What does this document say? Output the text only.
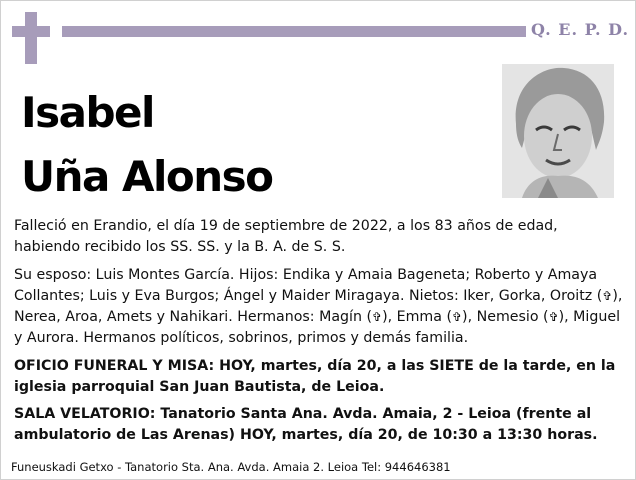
Q. E. P. D.
Isabel
Uña Alonso

Falleció en Erandio, el día 19 de septiembre de 2022, a los 83 años de edad, habiendo recibido los SS. SS. y la B. A. de S. S.

Su esposo: Luis Montes García. Hijos: Endika y Amaia Bageneta; Roberto y Amaya Collantes; Luis y Eva Burgos; Ángel y Maider Miragaya. Nietos: Iker, Gorka, Oroitz (✞), Nerea, Aroa, Amets y Nahikari. Hermanos: Magín (✞), Emma (✞), Nemesio (✞), Miguel y Aurora. Hermanos políticos, sobrinos, primos y demás familia.

OFICIO FUNERAL Y MISA: HOY, martes, día 20, a las SIETE de la tarde, en la iglesia parroquial San Juan Bautista, de Leioa.

SALA VELATORIO: Tanatorio Santa Ana. Avda. Amaia, 2 - Leioa (frente al ambulatorio de Las Arenas) HOY, martes, día 20, de 10:30 a 13:30 horas.

Funeuskadi Getxo - Tanatorio Sta. Ana. Avda. Amaia 2. Leioa Tel: 944646381
